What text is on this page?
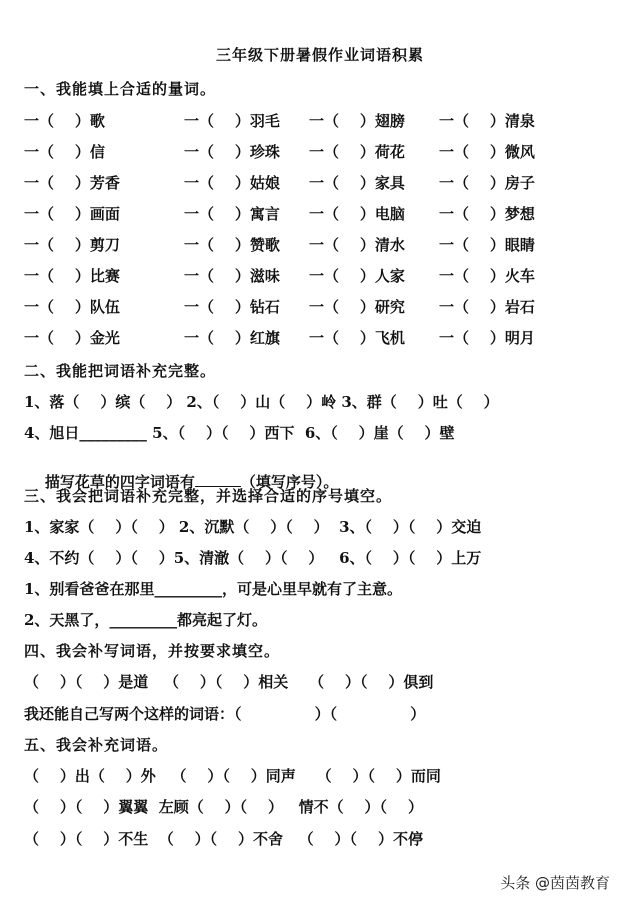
三年级下册暑假作业词语积累
一、我能填上合适的量词。
一（    ）歌	一（    ）羽毛	一（    ）翅膀	一（    ）清泉
一（    ）信	一（    ）珍珠	一（    ）荷花	一（    ）微风
一（    ）芳香	一（    ）姑娘	一（    ）家具	一（    ）房子
一（    ）画面	一（    ）寓言	一（    ）电脑	一（    ）梦想
一（    ）剪刀	一（    ）赞歌	一（    ）清水	一（    ）眼睛
一（    ）比赛	一（    ）滋味	一（    ）人家	一（    ）火车
一（    ）队伍	一（    ）钻石	一（    ）研究	一（    ）岩石
一（    ）金光	一（    ）红旗	一（    ）飞机	一（    ）明月
二、我能把词语补充完整。
1、落（    ）缤（    ） 2、（    ）山（    ）岭 3、群（    ）吐（    ）
4、旭日_________ 5、（    ）（    ）西下  6、（    ）崖（    ）壁

描写花草的四字词语有	（填写序号）。

三、我会把词语补充完整，并选择合适的序号填空。
1、家家（    ）（    ） 2、沉默（    ）（    ）  3、（    ）（    ）交迫
4、不约（    ）（    ）5、清澈（    ）（    ）   6、（    ）（    ）上万
1、别看爸爸在那里_________，可是心里早就有了主意。
2、天黑了，_________都亮起了灯。
四、我会补写词语，并按要求填空。
（    ）（    ）是道   （    ）（    ）相关    （    ）（    ）俱到
我还能自己写两个这样的词语：（              ）（              ）
五、我会补充词语。
（    ）出（    ）外   （    ）（    ）同声    （    ）（    ）而同
（    ）（    ）翼翼  左顾（    ）（    ）   情不（    ）（    ）
（    ）（    ）不生  （    ）（    ）不舍   （    ）（    ）不停
头条 @茵茵教育
